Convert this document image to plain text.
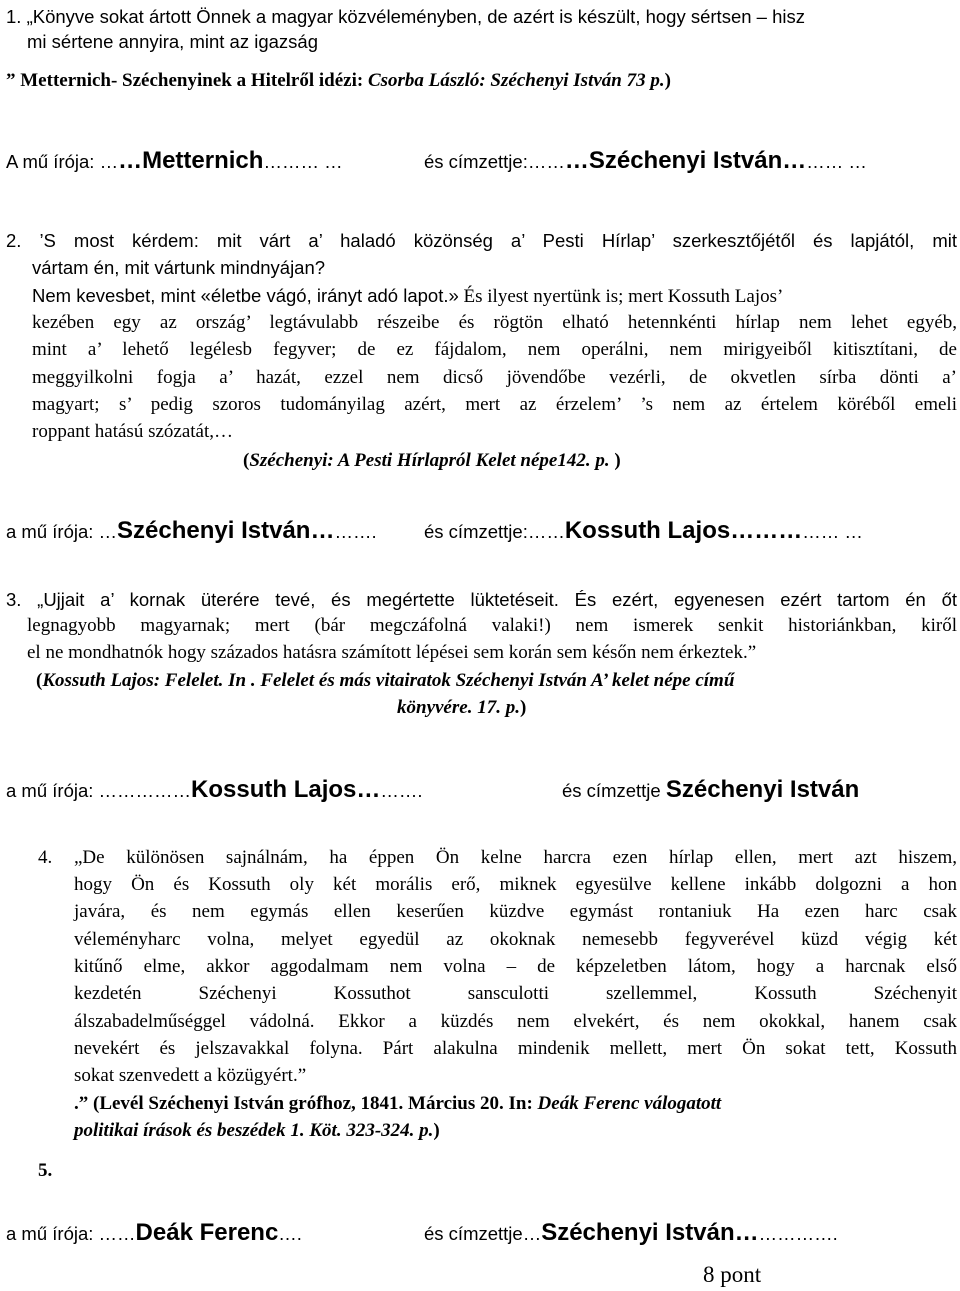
1. „Könyve sokat ártott Önnek a magyar közvéleményben, de azért is készült, hogy sértsen – hisz
mi sértene annyira, mint az igazság
” Metternich- Széchenyinek a Hitelről idézi: Csorba László: Széchenyi István 73 p.)
A mű írója: ……Metternich……… …	és címzettje:………Széchenyi István……… …
2. ’S most kérdem: mit várt a’ haladó közönség a’ Pesti Hírlap’ szerkesztőjétől és lapjától, mit
vártam én, mit vártunk mindnyájan?
Nem kevesbet, mint «életbe vágó, irányt adó lapot.» És ilyest nyertünk is; mert Kossuth Lajos’
kezében egy az ország’ legtávulabb részeibe és rögtön elható hetennkénti hírlap nem lehet egyéb,
mint a’ lehető legélesb fegyver; de ez fájdalom, nem operálni, nem mirigyeiből kitisztítani, de
meggyilkolni fogja a’ hazát, ezzel nem dicső jövendőbe vezérli, de okvetlen sírba dönti a’
magyart; s’ pedig szoros tudományilag azért, mert az érzelem’ ’s nem az értelem köréből emeli
roppant hatású szózatát,…
(Széchenyi: A Pesti Hírlapról Kelet népe142. p. )
a mű írója: …Széchenyi István……….	és címzettje:……Kossuth Lajos…………… …
3. „Ujjait a’ kornak üterére tevé, és megértette lüktetéseit. És ezért, egyenesen ezért tartom én őt
legnagyobb magyarnak; mert (bár megczáfolná valaki!) nem ismerek senkit historiánkban, kiről
el ne mondhatnók hogy százados hatásra számított lépései sem korán sem későn nem érkeztek.”
(Kossuth Lajos: Felelet. In . Felelet és más vitairatok Széchenyi István A’ kelet népe című
könyvére. 17. p.)
a mű írója: ……………Kossuth Lajos……….	és címzettje Széchenyi István
4. „De különösen sajnálnám, ha éppen Ön kelne harcra ezen hírlap ellen, mert azt hiszem,
hogy Ön és Kossuth oly két morális erő, miknek egyesülve kellene inkább dolgozni a hon
javára, és nem egymás ellen keserűen küzdve egymást rontaniuk Ha ezen harc csak
véleményharc volna, melyet egyedül az okoknak nemesebb fegyverével küzd végig két
kitűnő elme, akkor aggodalmam nem volna – de képzeletben látom, hogy a harcnak első
kezdetén Széchenyi Kossuthot sansculotti szellemmel, Kossuth Széchenyit
álszabadelműséggel vádolná. Ekkor a küzdés nem elvekért, és nem okokkal, hanem csak
nevekért és jelszavakkal folyna. Párt alakulna mindenik mellett, mert Ön sokat tett, Kossuth
sokat szenvedett a közügyért.”
.” (Levél Széchenyi István grófhoz, 1841. Március 20. In: Deák Ferenc válogatott
politikai írások és beszédek 1. Köt. 323-324. p.)
5.
a mű írója: ……Deák Ferenc….	és címzettje…Széchenyi István…………….
8 pont
